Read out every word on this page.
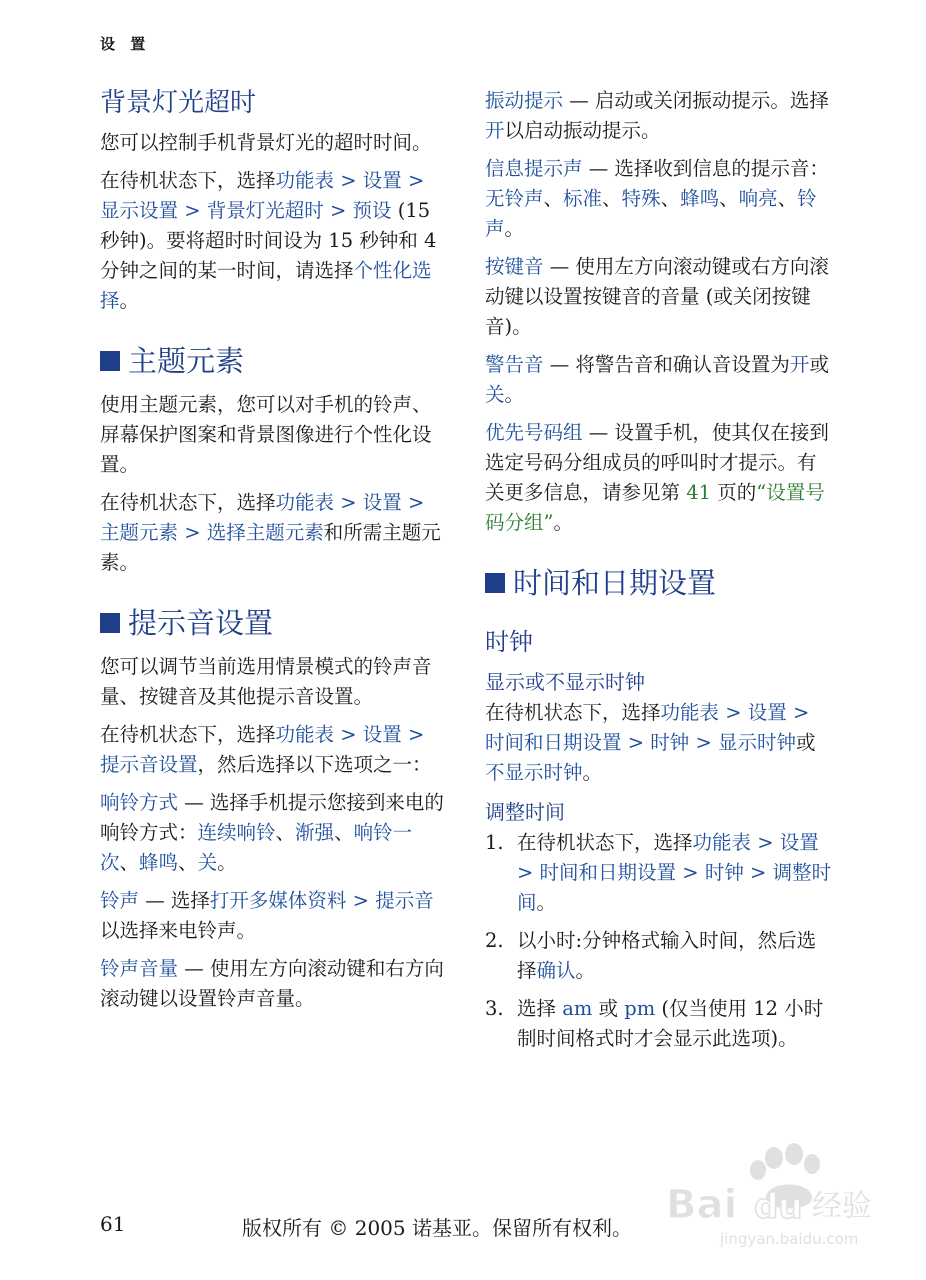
设 置
背景灯光超时

您可以控制手机背景灯光的超时时间。

在待机状态下，选择功能表 > 设置 > 显示设置 > 背景灯光超时 > 预设 (15 秒钟)。要将超时时间设为 15 秒钟和 4 分钟之间的某一时间，请选择个性化选择。

主题元素

使用主题元素，您可以对手机的铃声、屏幕保护图案和背景图像进行个性化设置。

在待机状态下，选择功能表 > 设置 > 主题元素 > 选择主题元素和所需主题元素。

提示音设置

您可以调节当前选用情景模式的铃声音量、按键音及其他提示音设置。

在待机状态下，选择功能表 > 设置 > 提示音设置，然后选择以下选项之一：

响铃方式 — 选择手机提示您接到来电的响铃方式：连续响铃、渐强、响铃一次、蜂鸣、关。

铃声 — 选择打开多媒体资料 > 提示音以选择来电铃声。

铃声音量 — 使用左方向滚动键和右方向滚动键以设置铃声音量。

振动提示 — 启动或关闭振动提示。选择开以启动振动提示。

信息提示声 — 选择收到信息的提示音：无铃声、标准、特殊、蜂鸣、响亮、铃声。

按键音 — 使用左方向滚动键或右方向滚动键以设置按键音的音量 (或关闭按键音)。

警告音 — 将警告音和确认音设置为开或关。

优先号码组 — 设置手机，使其仅在接到选定号码分组成员的呼叫时才提示。有关更多信息，请参见第 41 页的“设置号码分组”。

时间和日期设置
时钟
显示或不显示时钟

在待机状态下，选择功能表 > 设置 > 时间和日期设置 > 时钟 > 显示时钟或不显示时钟。

调整时间
1. 在待机状态下，选择功能表 > 设置 > 时间和日期设置 > 时钟 > 调整时间。
2. 以小时:分钟格式输入时间，然后选择确认。
3. 选择 am 或 pm (仅当使用 12 小时制时间格式时才会显示此选项)。
Bai du 经验
jingyan.baidu.com
61	版权所有 © 2005 诺基亚。保留所有权利。
